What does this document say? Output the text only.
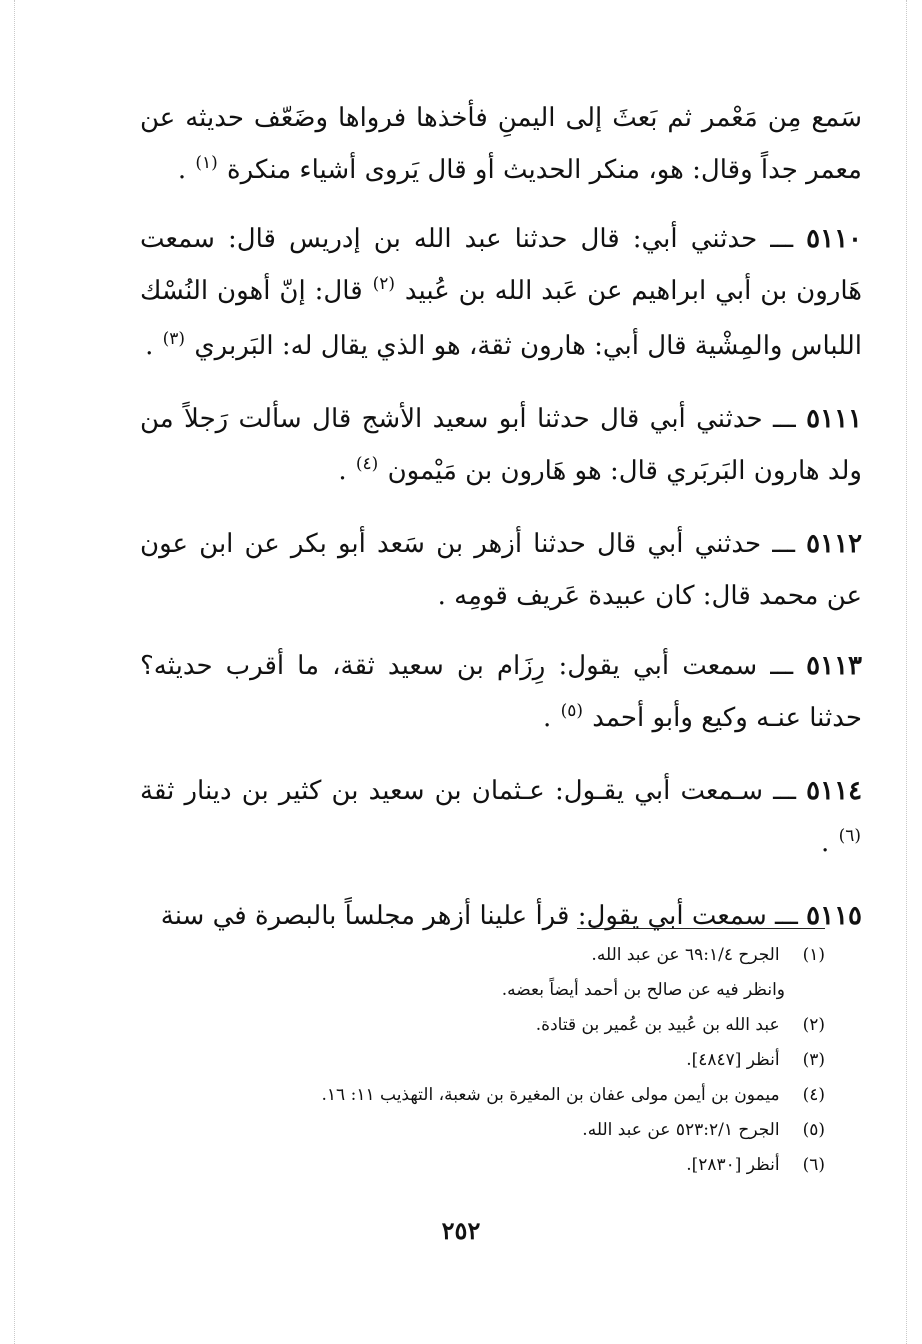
سَمع مِن مَعْمر ثم بَعثَ إلى اليمنِ فأخذها فرواها وضَعّف حديثه عن معمر جداً وقال: هو، منكر الحديث أو قال يَروى أشياء منكرة $^{(١)}$ .

٥١١٠ ـــ حدثني أبي: قال حدثنا عبد الله بن إدريس قال: سمعت هَارون بن أبي ابراهيم عن عَبد الله بن عُبيد $^{(٢)}$ قال: إنّ أهون النُسْك اللباس والمِشْية قال أبي: هارون ثقة، هو الذي يقال له: البَربري $^{(٣)}$ .

٥١١١ ـــ حدثني أبي قال حدثنا أبو سعيد الأشج قال سألت رَجلاً من ولد هارون البَربَري قال: هو هَارون بن مَيْمون $^{(٤)}$ .

٥١١٢ ـــ حدثني أبي قال حدثنا أزهر بن سَعد أبو بكر عن ابن عون عن محمد قال: كان عبيدة عَريف قومِه .

٥١١٣ ـــ سمعت أبي يقول: رِزَام بن سعيد ثقة، ما أقرب حديثه؟ حدثنا عنـه وكيع وأبو أحمد $^{(٥)}$ .

٥١١٤ ـــ سـمعت أبي يقـول: عـثمان بن سعيد بن كثير بن دينار ثقة $^{(٦)}$ .

٥١١٥ ـــ سمعت أبي يقول: قرأ علينا أزهر مجلساً بالبصرة في سنة

(١) الجرح ٦٩:١/٤ عن عبد الله.

وانظر فيه عن صالح بن أحمد أيضاً بعضه.

(٢) عبد الله بن عُبيد بن عُمير بن قتادة.

(٣) أنظر [٤٨٤٧].

(٤) ميمون بن أيمن مولى عفان بن المغيرة بن شعبة، التهذيب ١١: ١٦.

(٥) الجرح ٥٢٣:٢/١ عن عبد الله.

(٦) أنظر [٢٨٣٠].

٢٥٢
